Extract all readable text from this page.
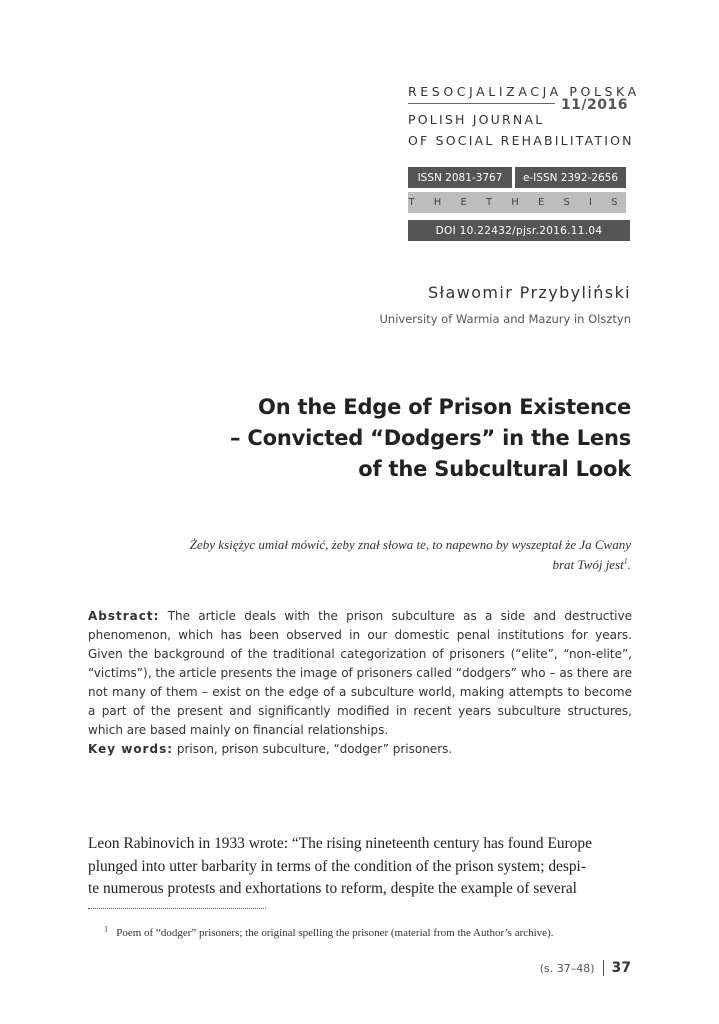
RESOCJALIZACJA POLSKA
11/2016
POLISH JOURNAL
OF SOCIAL REHABILITATION
ISSN 2081-3767	e-ISSN 2392-2656
T H E T H E S I S
DOI 10.22432/pjsr.2016.11.04
Sławomir Przybyliński
University of Warmia and Mazury in Olsztyn
On the Edge of Prison Existence
– Convicted “Dodgers” in the Lens
of the Subcultural Look
Żeby księżyc umiał mówić, żeby znał słowa te, to napewno by wyszeptał że Ja Cwany
brat Twój jest$^1$.
Abstract: The article deals with the prison subculture as a side and destructive phenomenon, which has been observed in our domestic penal institutions for years. Given the background of the traditional categorization of prisoners (“elite”, “non-elite”, “victims”), the article presents the image of prisoners called “dodgers” who – as there are not many of them – exist on the edge of a subculture world, making attempts to become a part of the present and significantly modified in recent years subculture structures, which are based mainly on financial relationships.
Key words: prison, prison subculture, “dodger” prisoners.
Leon Rabinovich in 1933 wrote: “The rising nineteenth century has found Europe
plunged into utter barbarity in terms of the condition of the prison system; despi-
te numerous protests and exhortations to reform, despite the example of several
$^1$ Poem of “dodger” prisoners; the original spelling the prisoner (material from the Author’s archive).
(s. 37–48) 37
